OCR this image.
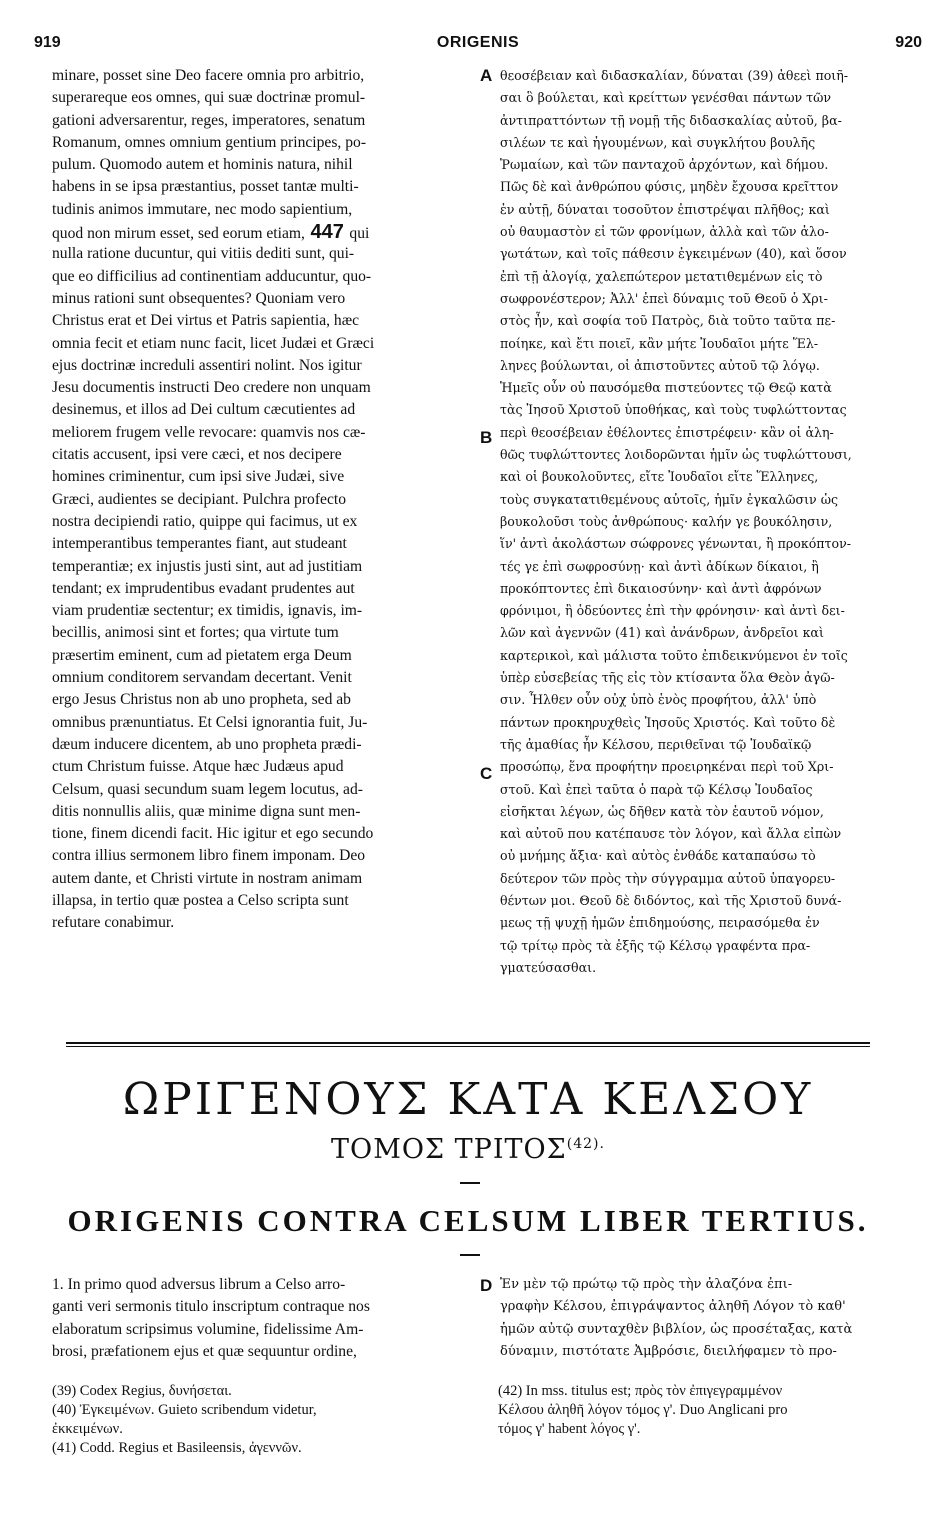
919	ORIGENIS	920
minare, posset sine Deo facere omnia pro arbitrio,
superareque eos omnes, qui suæ doctrinæ promul-
gationi adversarentur, reges, imperatores, senatum
Romanum, omnes omnium gentium principes, po-
pulum. Quomodo autem et hominis natura, nihil
habens in se ipsa præstantius, posset tantæ multi-
tudinis animos immutare, nec modo sapientium,
quod non mirum esset, sed eorum etiam, 447 qui
nulla ratione ducuntur, qui vitiis dediti sunt, qui-
que eo difficilius ad continentiam adducuntur, quo-
minus rationi sunt obsequentes? Quoniam vero
Christus erat et Dei virtus et Patris sapientia, hæc
omnia fecit et etiam nunc facit, licet Judæi et Græci
ejus doctrinæ increduli assentiri nolint. Nos igitur
Jesu documentis instructi Deo credere non unquam
desinemus, et illos ad Dei cultum cæcutientes ad
meliorem frugem velle revocare: quamvis nos cæ-
citatis accusent, ipsi vere cæci, et nos decipere
homines criminentur, cum ipsi sive Judæi, sive
Græci, audientes se decipiant. Pulchra profecto
nostra decipiendi ratio, quippe qui facimus, ut ex
intemperantibus temperantes fiant, aut studeant
temperantiæ; ex injustis justi sint, aut ad justitiam
tendant; ex imprudentibus evadant prudentes aut
viam prudentiæ sectentur; ex timidis, ignavis, im-
becillis, animosi sint et fortes; qua virtute tum
præsertim eminent, cum ad pietatem erga Deum
omnium conditorem servandam decertant. Venit
ergo Jesus Christus non ab uno propheta, sed ab
omnibus prænuntiatus. Et Celsi ignorantia fuit, Ju-
dæum inducere dicentem, ab uno propheta prædi-
ctum Christum fuisse. Atque hæc Judæus apud
Celsum, quasi secundum suam legem locutus, ad-
ditis nonnullis aliis, quæ minime digna sunt men-
tione, finem dicendi facit. Hic igitur et ego secundo
contra illius sermonem libro finem imponam. Deo
autem dante, et Christi virtute in nostram animam
illapsa, in tertio quæ postea a Celso scripta sunt
refutare conabimur.
θεοσέβειαν καὶ διδασκαλίαν, δύναται (39) ἀθεεὶ ποιῆ-
σαι ὃ βούλεται, καὶ κρείττων γενέσθαι πάντων τῶν
ἀντιπραττόντων τῇ νομῇ τῆς διδασκαλίας αὐτοῦ, βα-
σιλέων τε καὶ ἡγουμένων, καὶ συγκλήτου βουλῆς
Ῥωμαίων, καὶ τῶν πανταχοῦ ἀρχόντων, καὶ δήμου.
Πῶς δὲ καὶ ἀνθρώπου φύσις, μηδὲν ἔχουσα κρεῖττον
ἐν αὐτῇ, δύναται τοσοῦτον ἐπιστρέψαι πλῆθος; καὶ
οὐ θαυμαστὸν εἰ τῶν φρονίμων, ἀλλὰ καὶ τῶν ἀλο-
γωτάτων, καὶ τοῖς πάθεσιν ἐγκειμένων (40), καὶ ὅσον
ἐπὶ τῇ ἀλογίᾳ, χαλεπώτερον μετατιθεμένων εἰς τὸ
σωφρονέστερον; Ἀλλ' ἐπεὶ δύναμις τοῦ Θεοῦ ὁ Χρι-
στὸς ἦν, καὶ σοφία τοῦ Πατρὸς, διὰ τοῦτο ταῦτα πε-
ποίηκε, καὶ ἔτι ποιεῖ, κἂν μήτε Ἰουδαῖοι μήτε Ἕλ-
ληνες βούλωνται, οἱ ἀπιστοῦντες αὐτοῦ τῷ λόγῳ.
Ἡμεῖς οὖν οὐ παυσόμεθα πιστεύοντες τῷ Θεῷ κατὰ
τὰς Ἰησοῦ Χριστοῦ ὑποθήκας, καὶ τοὺς τυφλώττοντας
περὶ θεοσέβειαν ἐθέλοντες ἐπιστρέφειν· κἂν οἱ ἀλη-
θῶς τυφλώττοντες λοιδορῶνται ἡμῖν ὡς τυφλώττουσι,
καὶ οἱ βουκολοῦντες, εἴτε Ἰουδαῖοι εἴτε Ἕλληνες,
τοὺς συγκατατιθεμένους αὐτοῖς, ἡμῖν ἐγκαλῶσιν ὡς
βουκολοῦσι τοὺς ἀνθρώπους· καλήν γε βουκόλησιν,
ἵν' ἀντὶ ἀκολάστων σώφρονες γένωνται, ἢ προκόπτον-
τές γε ἐπὶ σωφροσύνῃ· καὶ ἀντὶ ἀδίκων δίκαιοι, ἢ
προκόπτοντες ἐπὶ δικαιοσύνην· καὶ ἀντὶ ἀφρόνων
φρόνιμοι, ἢ ὁδεύοντες ἐπὶ τὴν φρόνησιν· καὶ ἀντὶ δει-
λῶν καὶ ἀγεννῶν (41) καὶ ἀνάνδρων, ἀνδρεῖοι καὶ
καρτερικοὶ, καὶ μάλιστα τοῦτο ἐπιδεικνύμενοι ἐν τοῖς
ὑπὲρ εὐσεβείας τῆς εἰς τὸν κτίσαντα ὅλα Θεὸν ἀγῶ-
σιν. Ἦλθεν οὖν οὐχ ὑπὸ ἑνὸς προφήτου, ἀλλ' ὑπὸ
πάντων προκηρυχθεὶς Ἰησοῦς Χριστός. Καὶ τοῦτο δὲ
τῆς ἀμαθίας ἦν Κέλσου, περιθεῖναι τῷ Ἰουδαϊκῷ
προσώπῳ, ἕνα προφήτην προειρηκέναι περὶ τοῦ Χρι-
στοῦ. Καὶ ἐπεὶ ταῦτα ὁ παρὰ τῷ Κέλσῳ Ἰουδαῖος
εἰσῆκται λέγων, ὡς δῆθεν κατὰ τὸν ἑαυτοῦ νόμον,
καὶ αὐτοῦ που κατέπαυσε τὸν λόγον, καὶ ἄλλα εἰπὼν
οὐ μνήμης ἄξια· καὶ αὐτὸς ἐνθάδε καταπαύσω τὸ
δεύτερον τῶν πρὸς τὴν σύγγραμμα αὐτοῦ ὑπαγορευ-
θέντων μοι. Θεοῦ δὲ διδόντος, καὶ τῆς Χριστοῦ δυνά-
μεως τῇ ψυχῇ ἡμῶν ἐπιδημούσης, πειρασόμεθα ἐν
τῷ τρίτῳ πρὸς τὰ ἑξῆς τῷ Κέλσῳ γραφέντα πρα-
γματεύσασθαι.
A
B
C
D
ΩΡΙΓΕΝΟΥΣ ΚΑΤΑ ΚΕΛΣΟΥ
ΤΟΜΟΣ $TPITO\Sigma^{(42).}$
ORIGENIS CONTRA CELSUM LIBER TERTIUS.
1. In primo quod adversus librum a Celso arro-
ganti veri sermonis titulo inscriptum contraque nos
elaboratum scripsimus volumine, fidelissime Am-
brosi, præfationem ejus et quæ sequuntur ordine,
Ἐν μὲν τῷ πρώτῳ τῷ πρὸς τὴν ἀλαζόνα ἐπι-
γραφὴν Κέλσου, ἐπιγράψαντος ἀληθῆ Λόγον τὸ καθ'
ἡμῶν αὐτῷ συνταχθὲν βιβλίον, ὡς προσέταξας, κατὰ
δύναμιν, πιστότατε Ἀμβρόσιε, διειλήφαμεν τὸ προ-
(39) Codex Regius, δυνήσεται.
(40) Ἐγκειμένων. Guieto scribendum videtur,
ἐκκειμένων.
(41) Codd. Regius et Basileensis, ἀγεννῶν.
(42) In mss. titulus est; πρὸς τὸν ἐπιγεγραμμένον
Κέλσου ἀληθῆ λόγον τόμος γ'. Duo Anglicani pro
τόμος γ' habent λόγος γ'.
